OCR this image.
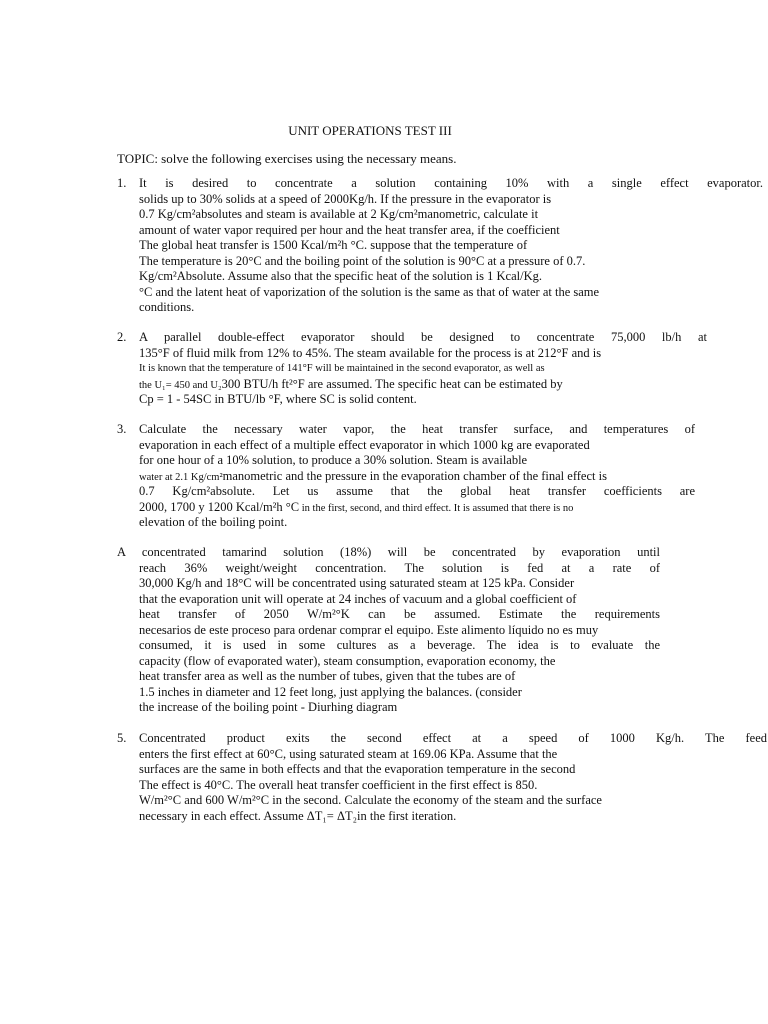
UNIT OPERATIONS TEST III
TOPIC: solve the following exercises using the necessary means.
1. It is desired to concentrate a solution containing 10% with a single effect evaporator.
solids up to 30% solids at a speed of 2000Kg/h. If the pressure in the evaporator is
0.7 Kg/cm²absolutes and steam is available at 2 Kg/cm²manometric, calculate it
amount of water vapor required per hour and the heat transfer area, if the coefficient
The global heat transfer is 1500 Kcal/m²h °C. suppose that the temperature of
The temperature is 20°C and the boiling point of the solution is 90°C at a pressure of 0.7.
Kg/cm²Absolute. Assume also that the specific heat of the solution is 1 Kcal/Kg.
°C and the latent heat of vaporization of the solution is the same as that of water at the same
conditions.
2. A parallel double-effect evaporator should be designed to concentrate 75,000 lb/h at
135°F of fluid milk from 12% to 45%. The steam available for the process is at 212°F and is
It is known that the temperature of 141°F will be maintained in the second evaporator, as well as
the U₁= 450 and U₂300 BTU/h ft²°F are assumed. The specific heat can be estimated by
Cp = 1 - 54SC in BTU/lb °F, where SC is solid content.
3. Calculate the necessary water vapor, the heat transfer surface, and temperatures of
evaporation in each effect of a multiple effect evaporator in which 1000 kg are evaporated
for one hour of a 10% solution, to produce a 30% solution. Steam is available
water at 2.1 Kg/cm²manometric and the pressure in the evaporation chamber of the final effect is
0.7 Kg/cm²absolute. Let us assume that the global heat transfer coefficients are
2000, 1700 y 1200 Kcal/m²h °C in the first, second, and third effect. It is assumed that there is no
elevation of the boiling point.
A concentrated tamarind solution (18%) will be concentrated by evaporation until
reach 36% weight/weight concentration. The solution is fed at a rate of
30,000 Kg/h and 18°C will be concentrated using saturated steam at 125 kPa. Consider
that the evaporation unit will operate at 24 inches of vacuum and a global coefficient of
heat transfer of 2050 W/m²°K can be assumed. Estimate the requirements
necesarios de este proceso para ordenar comprar el equipo. Este alimento líquido no es muy
consumed, it is used in some cultures as a beverage. The idea is to evaluate the
capacity (flow of evaporated water), steam consumption, evaporation economy, the
heat transfer area as well as the number of tubes, given that the tubes are of
1.5 inches in diameter and 12 feet long, just applying the balances. (consider
the increase of the boiling point - Diurhing diagram
5. Concentrated product exits the second effect at a speed of 1000 Kg/h. The feed
enters the first effect at 60°C, using saturated steam at 169.06 KPa. Assume that the
surfaces are the same in both effects and that the evaporation temperature in the second
The effect is 40°C. The overall heat transfer coefficient in the first effect is 850.
W/m²°C and 600 W/m²°C in the second. Calculate the economy of the steam and the surface
necessary in each effect. Assume ΔT₁= ΔT₂in the first iteration.
